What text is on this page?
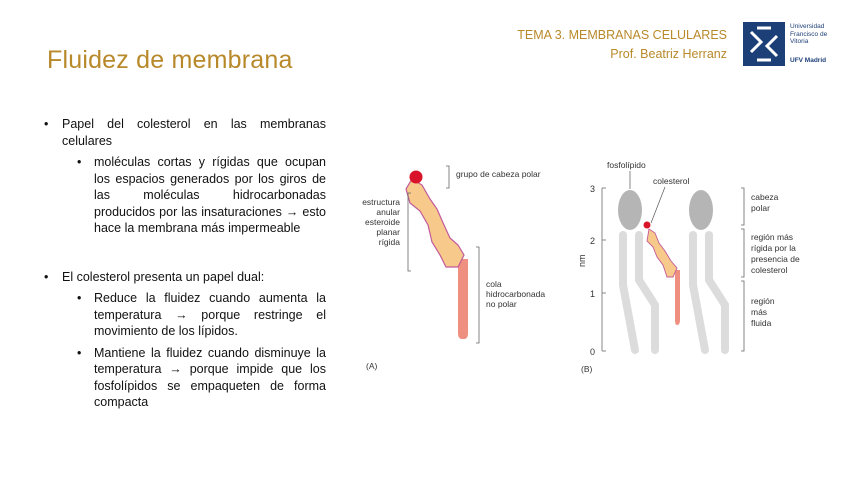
Fluidez de membrana
TEMA 3. MEMBRANAS CELULARES
Prof. Beatriz Herranz
Universidad
Francisco de
Vitoria
UFV Madrid
• Papel del colesterol en las membranas celulares
• moléculas cortas y rígidas que ocupan los espacios generados por los giros de las moléculas hidrocarbonadas producidos por las insaturaciones → esto hace la membrana más impermeable
• El colesterol presenta un papel dual:
• Reduce la fluidez cuando aumenta la temperatura → porque restringe el movimiento de los lípidos.
• Mantiene la fluidez cuando disminuye la temperatura → porque impide que los fosfolípidos se empaqueten de forma compacta
grupo de cabeza polar
estructura
anular
esteroide
planar
rígida
cola
hidrocarbonada
no polar
(A)
3
2
1
0
nm
fosfolípido
colesterol
cabeza
polar
región más
rígida por la
presencia de
colesterol
región
más
fluida
(B)
